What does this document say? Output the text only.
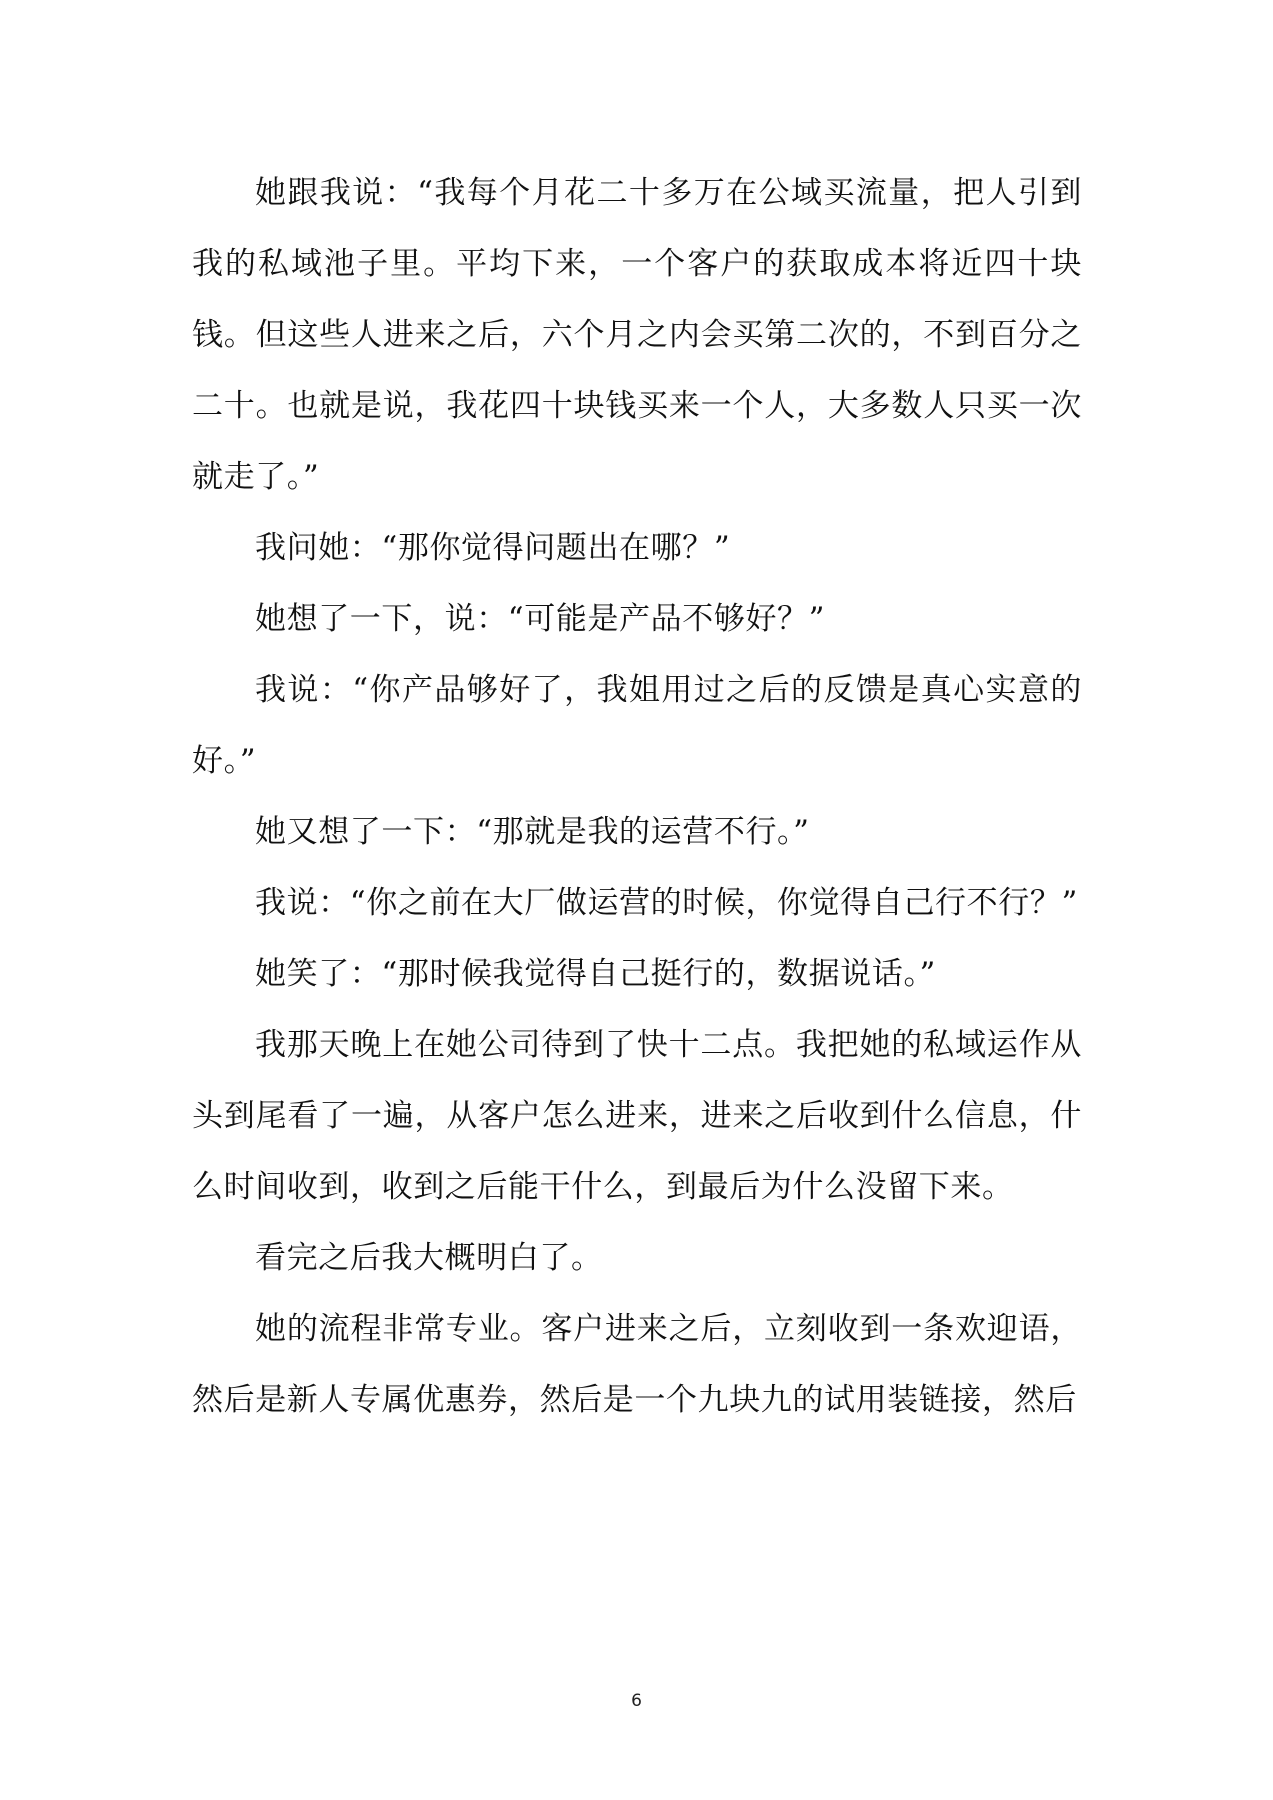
她跟我说：“我每个月花二十多万在公域买流量，把人引到我的私域池子里。平均下来，一个客户的获取成本将近四十块钱。但这些人进来之后，六个月之内会买第二次的，不到百分之二十。也就是说，我花四十块钱买来一个人，大多数人只买一次就走了。”

我问她：“那你觉得问题出在哪？”

她想了一下，说：“可能是产品不够好？”

我说：“你产品够好了，我姐用过之后的反馈是真心实意的好。”

她又想了一下：“那就是我的运营不行。”

我说：“你之前在大厂做运营的时候，你觉得自己行不行？”

她笑了：“那时候我觉得自己挺行的，数据说话。”

我那天晚上在她公司待到了快十二点。我把她的私域运作从头到尾看了一遍，从客户怎么进来，进来之后收到什么信息，什么时间收到，收到之后能干什么，到最后为什么没留下来。

看完之后我大概明白了。

她的流程非常专业。客户进来之后，立刻收到一条欢迎语，然后是新人专属优惠券，然后是一个九块九的试用装链接，然后

6
